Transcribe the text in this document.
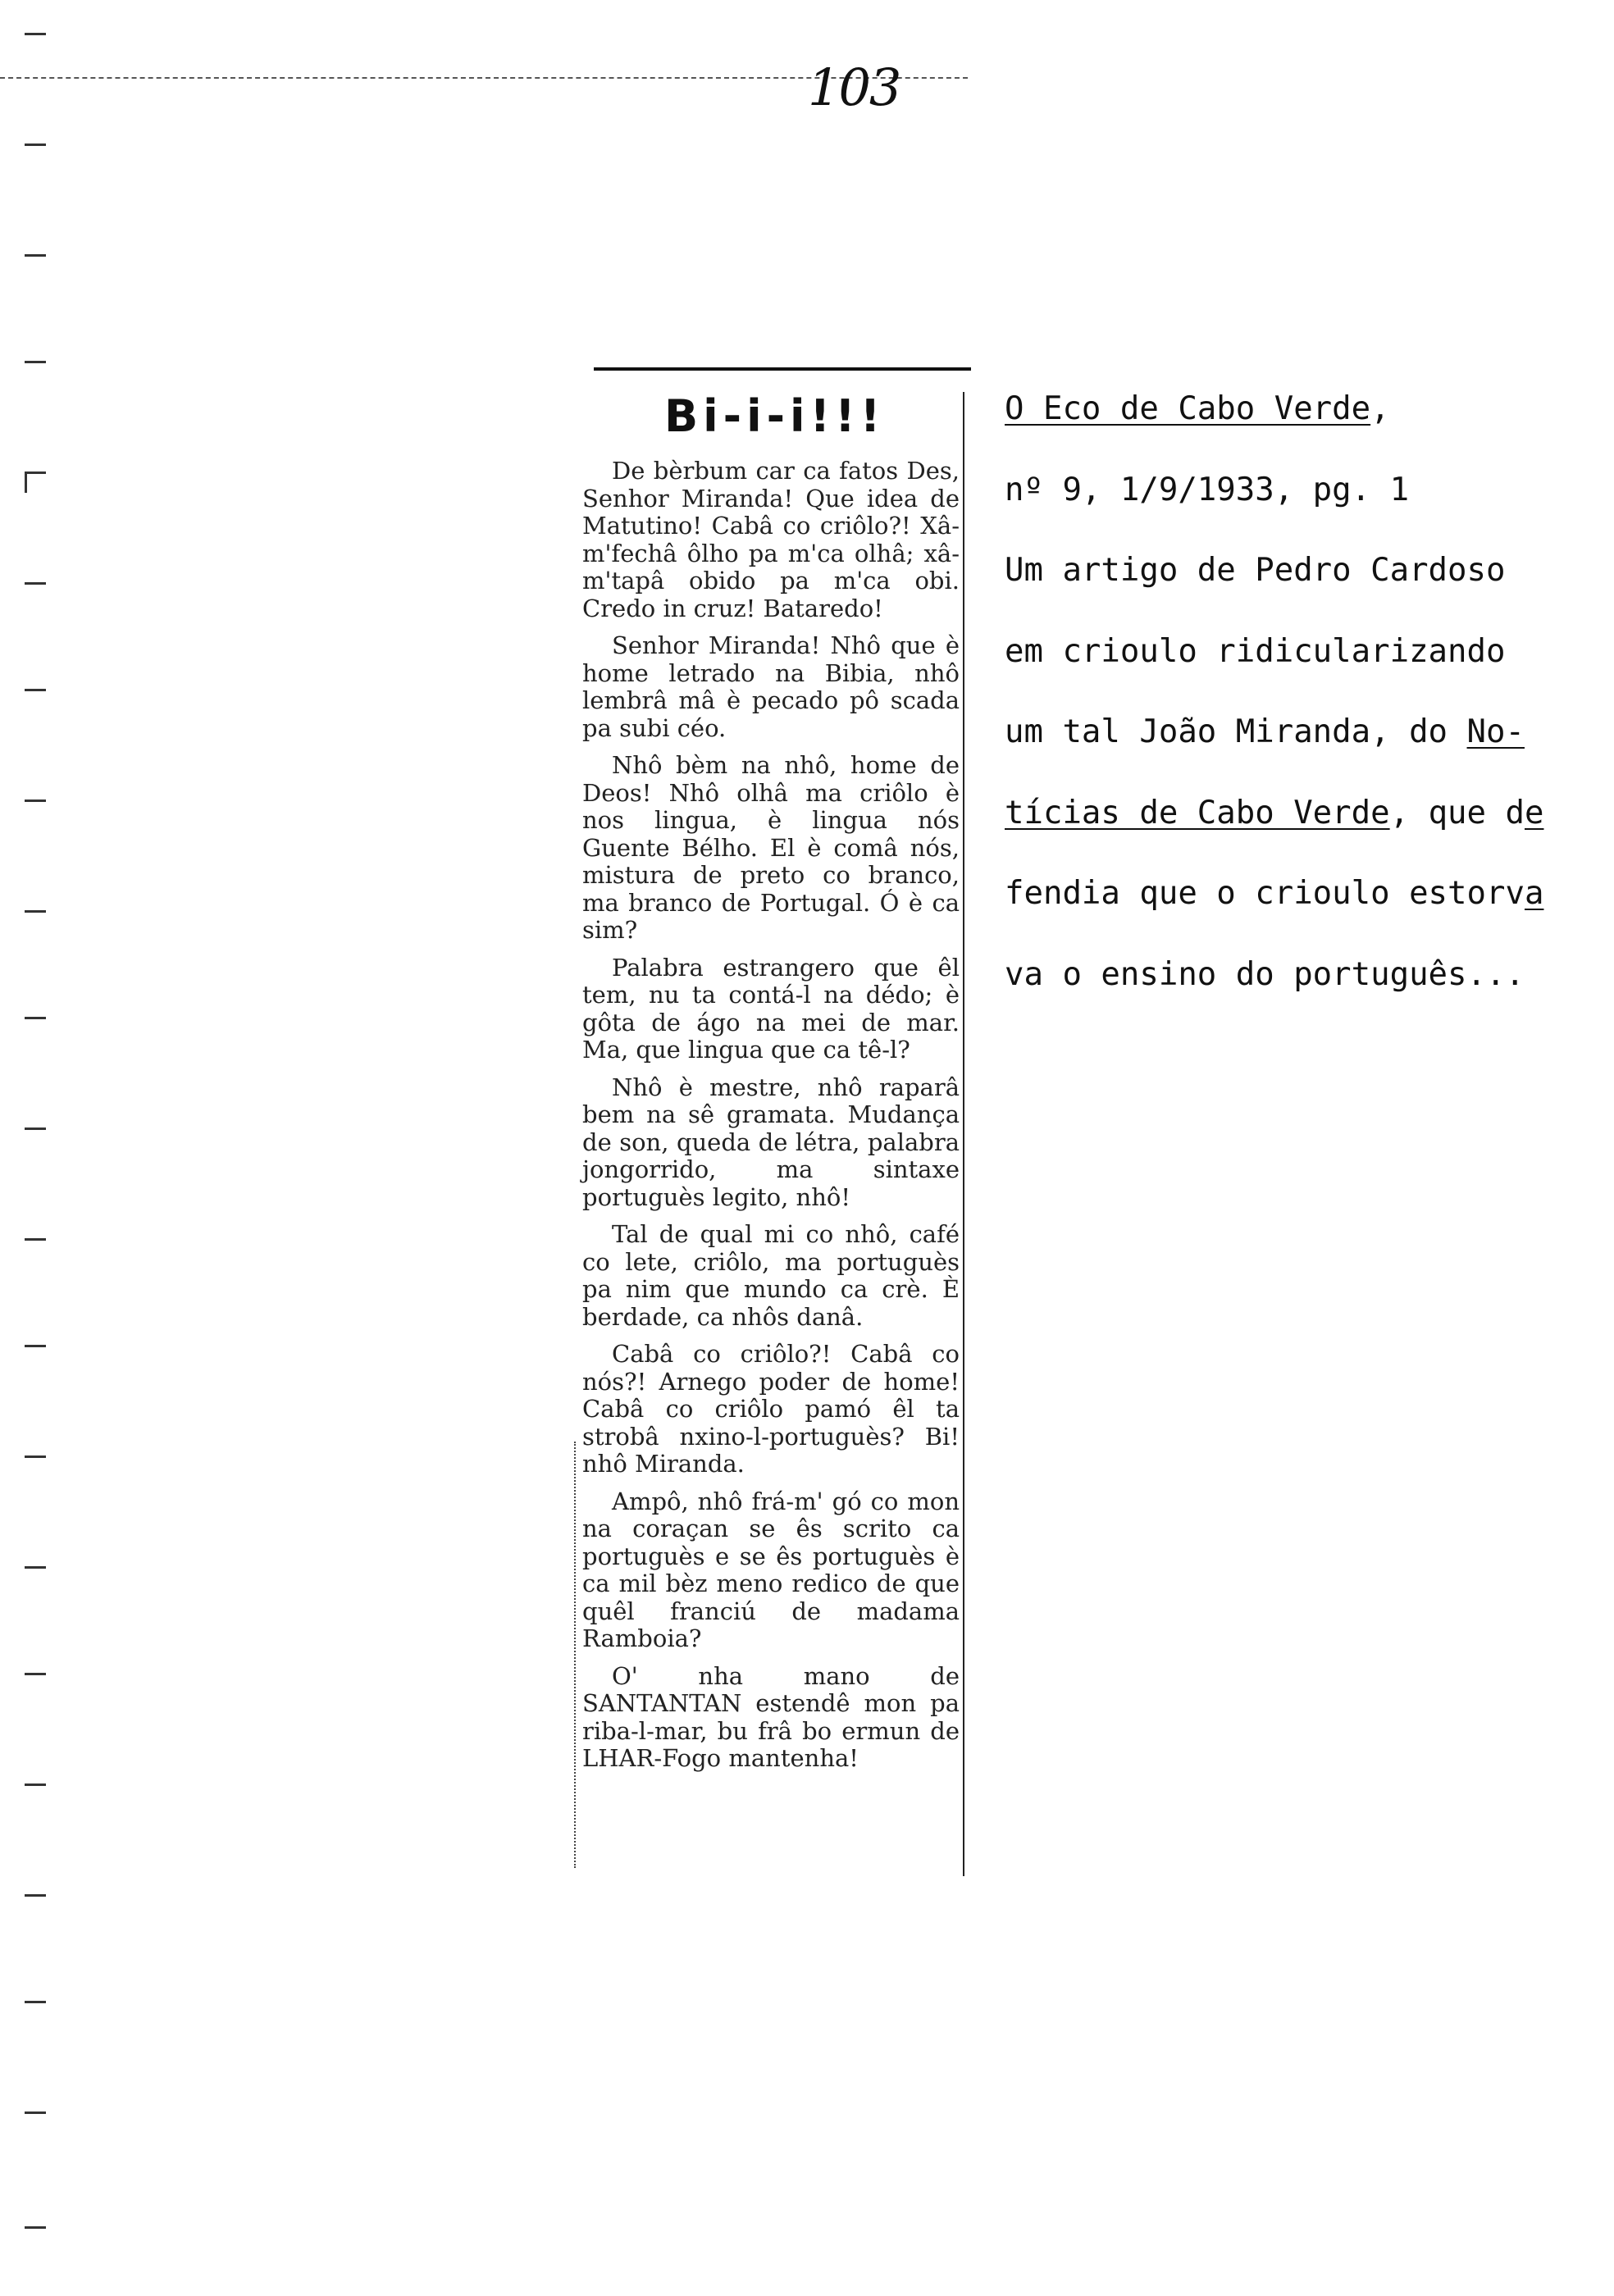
103
Bi-i-i!!!

De bèrbum car ca fatos Des, Senhor Miranda! Que idea de Matutino! Cabâ co criôlo?! Xâ-m'fechâ ôlho pa m'ca olhâ; xâ-m'tapâ obido pa m'ca obi. Credo in cruz! Bataredo!

Senhor Miranda! Nhô que è home letrado na Bibia, nhô lembrâ mâ è pecado pô scada pa subi céo.

Nhô bèm na nhô, home de Deos! Nhô olhâ ma criôlo è nos lingua, è lingua nós Guente Bélho. El è comâ nós, mistura de preto co branco, ma branco de Portugal. Ó è ca sim?

Palabra estrangero que êl tem, nu ta contá-l na dédo; è gôta de ágo na mei de mar. Ma, que lingua que ca tê-l?

Nhô è mestre, nhô raparâ bem na sê gramata. Mudança de son, queda de létra, palabra jongorrido, ma sintaxe portuguès legito, nhô!

Tal de qual mi co nhô, café co lete, criôlo, ma portuguès pa nim que mundo ca crè. È berdade, ca nhôs danâ.

Cabâ co criôlo?! Cabâ co nós?! Arnego poder de home! Cabâ co criôlo pamó êl ta strobâ nxino-l-portuguès? Bi! nhô Miranda.

Ampô, nhô frá-m' gó co mon na coraçan se ês scrito ca portuguès e se ês portuguès è ca mil bèz meno redico de que quêl franciú de madama Ramboia?

O' nha mano de SANTANTAN estendê mon pa riba-l-mar, bu frâ bo ermun de LHAR-Fogo mantenha!

O Eco de Cabo Verde,
nº 9, 1/9/1933, pg. 1
Um artigo de Pedro Cardoso
em crioulo ridicularizando
um tal João Miranda, do No-
tícias de Cabo Verde, que de
fendia que o crioulo estorva
va o ensino do português...
